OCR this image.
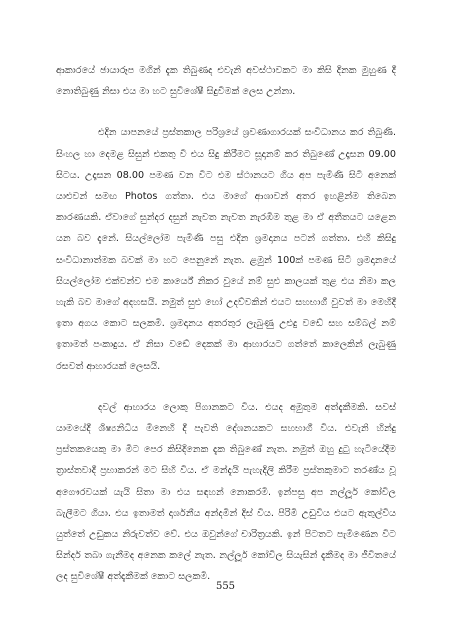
ආකාරයේ ඡායාරූප මගින් දැක තිබුණද එවැනි අවස්ථාවකට මා කිසි දිනක මුහුණ දී නොතිබුණු නිසා එය මා හට සුවිශේෂී සිදුවීමක් ලෙස උන්නා.

එදින යාපනයේ ප්‍රස්තකාල පරිශ්‍රයේ ශ්‍රවණාගාරයක් සංවිධානය කර තිබුණි. සිංහල හා දෙමළ සිසුන් එකතු වී එය සිදු කිරීමට සූදානම් කර තිබුණේ උදෑසන 09.00 සිටය. උදෑසන 08.00 පමණ වන විට එම ස්ථානයට ගිය අප පැමිණි සිටි අනෙක් යාළුවන් සමඟ Photos ගත්තා. එය මාගේ ආශාවන් අතර ඉහළින්ම තිබෙන කාරණයකි. ඒවාගේ සුන්දර දසුන් නැවත නැවත නැරඹීම තුළ මා ඒ අතීතයට යළෙන යන බව දැනේ. සියල්ලෝම පැමිණි පසු එදින ශ්‍රමදානය පටන් ගත්තා. එහි කිසිදු සංවිධානාත්මක බවක් මා හට පෙනුනේ නැත. ළමුන් 100ක් පමණ සිටි ශ්‍රමදානයේ සියල්ලෝම එක්වන්ව එම කාර්යේ නිකර වුයේ නම් සුළු කාලයක් තුළ එය නිමා කල හැකි බව මාගේ අදහසයි. නමුත් සුළු හෝ උදව්වකින් එයට සහභාගී වුවත් මා මෙහිදී ඉතා අගය කොට සලකමි. ශ්‍රමදානය අතරතුර ලැබුණු උළුදු වඩේ සහ සම්බල් නම් ඉතාමත් පංකාදුය. ඒ නිසා වඩේ දෙකක් මා ආහාරයට ගත්තේ කාලෙකින් ලැබුණු රසවත් ආහාරයක් ලෙසයි.

දවල් ආහාරය ලොකු පිගානකට විය. එයද අමුතුම අත්දැකීමකි. සවස් යාමයේදී ශිෂ්‍යනිධිය මිනෙහි දී පැවති දේශනයකට සහභාගී විය. එවැනි හින්දු ප්‍රස්තකයෙකු මා මීට පෙර කිසිදිනෙක දැක තිබුණේ නැත. නමුත් ඔහු දුටු හැටියේදීම ත්‍රාස්තවාදී ප්‍රභාකරන් මට සිහි විය. ඒ මන්දැයි පැහැදිලි කිරීම ප්‍රස්තකුමාට තරණ්ය වූ අගෞරවයක් යැයි සිතා මා එය සඳහන් නොකරමි. ඉන්පසු අප නල්ලූර් කෝවිල බැලීමට ගියා. එය ඉතාමත් දාර්ශනීය අන්දමින් දිස් විය. පිරිමි උඩුවිය එයට ඇතුල්වීය යුත්තේ උඩුකය නිරුවත්ව වේ. එය ඔවුන්ගේ චාරිත්‍රයකි. ඉන් පිටතට පැමිණෙන විට සින්දර් තබා ගැනීමද අනෙක කලේ නැත. නල්ලූර් කෝවිල සියැසින් දැකීමද මා ජීවිතයේ ලද සුවිශේෂී අත්දැකීමක් කොට සලකමි.

555
